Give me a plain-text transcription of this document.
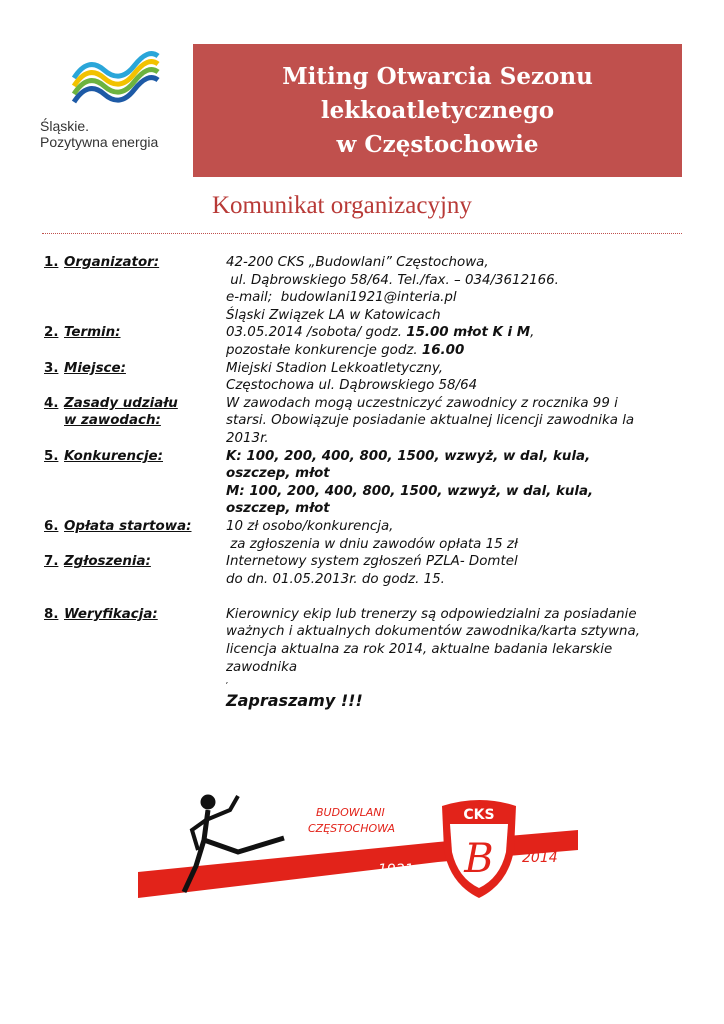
Śląskie.
Pozytywna energia
Miting Otwarcia Sezonu
lekkoatletycznego
w Częstochowie
Komunikat organizacyjny
1. Organizator:	42-200 CKS „Budowlani” Częstochowa,
ul. Dąbrowskiego 58/64. Tel./fax. – 034/3612166.
e-mail;  budowlani1921@interia.pl
Śląski Związek LA w Katowicach
2. Termin:	03.05.2014 /sobota/ godz. 15.00 młot K i M,
pozostałe konkurencje godz. 16.00
3. Miejsce:	Miejski Stadion Lekkoatletyczny,
Częstochowa ul. Dąbrowskiego 58/64
4. Zasady udziału
w zawodach:
W zawodach mogą uczestniczyć zawodnicy z rocznika 99 i
starsi. Obowiązuje posiadanie aktualnej licencji zawodnika la
2013r.
5. Konkurencje:	K: 100, 200, 400, 800, 1500, wzwyż, w dal, kula,
oszczep, młot
M: 100, 200, 400, 800, 1500, wzwyż, w dal, kula,
oszczep, młot
6. Opłata startowa:	10 zł osobo/konkurencja,
za zgłoszenia w dniu zawodów opłata 15 zł
7. Zgłoszenia:	Internetowy system zgłoszeń PZLA- Domtel
do dn. 01.05.2013r. do godz. 15.
8. Weryfikacja:	Kierownicy ekip lub trenerzy są odpowiedzialni za posiadanie
ważnych i aktualnych dokumentów zawodnika/karta sztywna,
licencja aktualna za rok 2014, aktualne badania lekarskie
zawodnika
,
Zapraszamy !!!
BUDOWLANI
CZĘSTOCHOWA
1921
CKS
B 2014
